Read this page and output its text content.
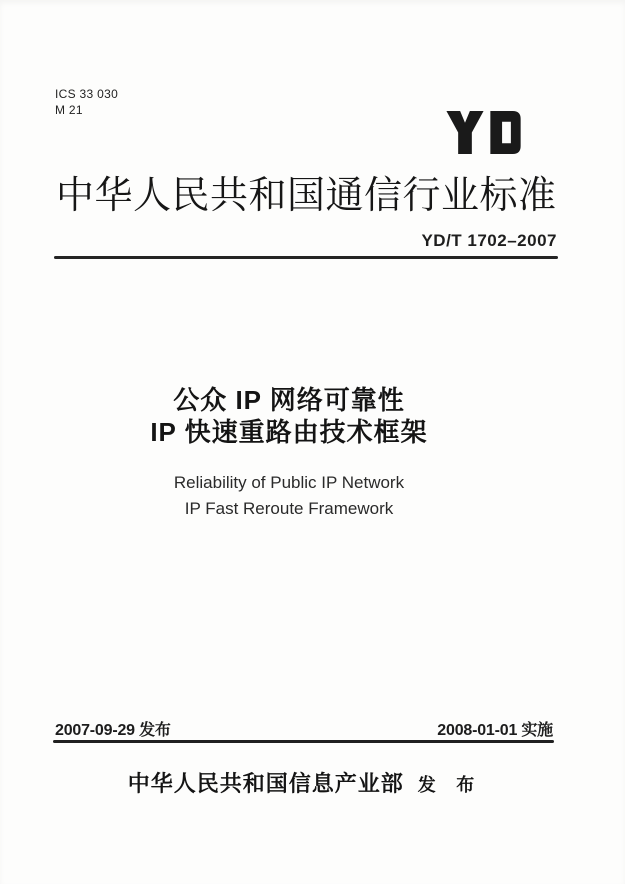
ICS 33 030
M 21
中华人民共和国通信行业标准
YD/T 1702–2007
公众 IP 网络可靠性
IP 快速重路由技术框架
Reliability of Public IP Network
IP Fast Reroute Framework
2007-09-29 发布	2008-01-01 实施
中华人民共和国信息产业部 发 布
